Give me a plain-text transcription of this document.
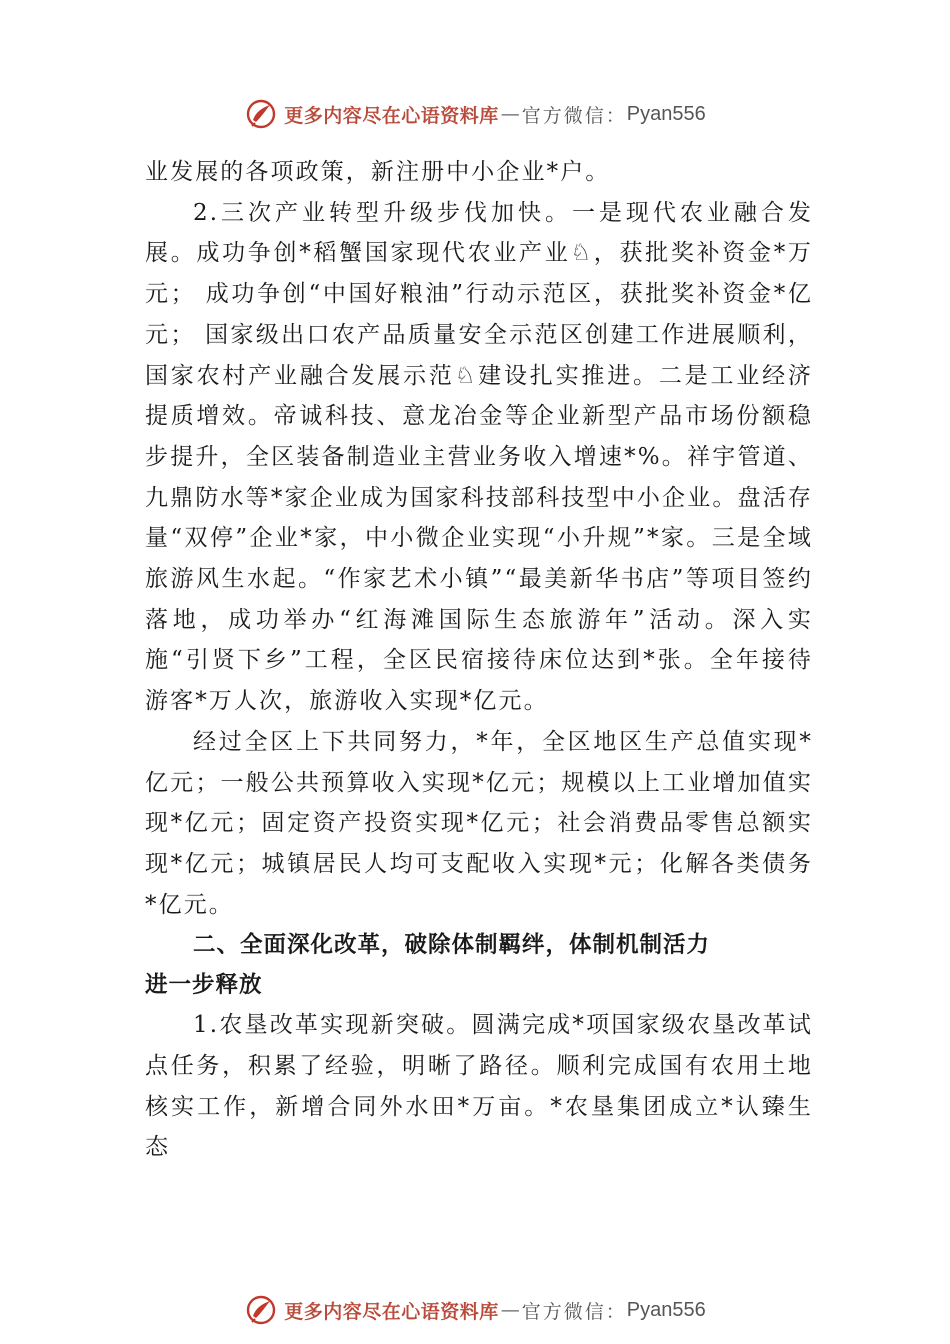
更多内容尽在心语资料库 — 官方微信： Pyan556

业发展的各项政策，新注册中小企业*户。

2.三次产业转型升级步伐加快。一是现代农业融合发展。成功争创*稻蟹国家现代农业产业♘，获批奖补资金*万元； 成功争创“中国好粮油”行动示范区，获批奖补资金*亿元； 国家级出口农产品质量安全示范区创建工作进展顺利，国家农村产业融合发展示范♘建设扎实推进。二是工业经济提质增效。帝诚科技、意龙冶金等企业新型产品市场份额稳步提升，全区装备制造业主营业务收入增速*%。祥宇管道、九鼎防水等*家企业成为国家科技部科技型中小企业。盘活存量“双停”企业*家，中小微企业实现“小升规”*家。三是全域旅游风生水起。“作家艺术小镇”“最美新华书店”等项目签约落地，成功举办“红海滩国际生态旅游年”活动。深入实施“引贤下乡”工程，全区民宿接待床位达到*张。全年接待游客*万人次，旅游收入实现*亿元。

经过全区上下共同努力，*年，全区地区生产总值实现*亿元；一般公共预算收入实现*亿元；规模以上工业增加值实现*亿元；固定资产投资实现*亿元；社会消费品零售总额实现*亿元；城镇居民人均可支配收入实现*元；化解各类债务*亿元。

二、全面深化改革，破除体制羁绊，体制机制活力
进一步释放

1.农垦改革实现新突破。圆满完成*项国家级农垦改革试点任务，积累了经验，明晰了路径。顺利完成国有农用土地核实工作，新增合同外水田*万亩。*农垦集团成立*认臻生态

更多内容尽在心语资料库 — 官方微信： Pyan556
